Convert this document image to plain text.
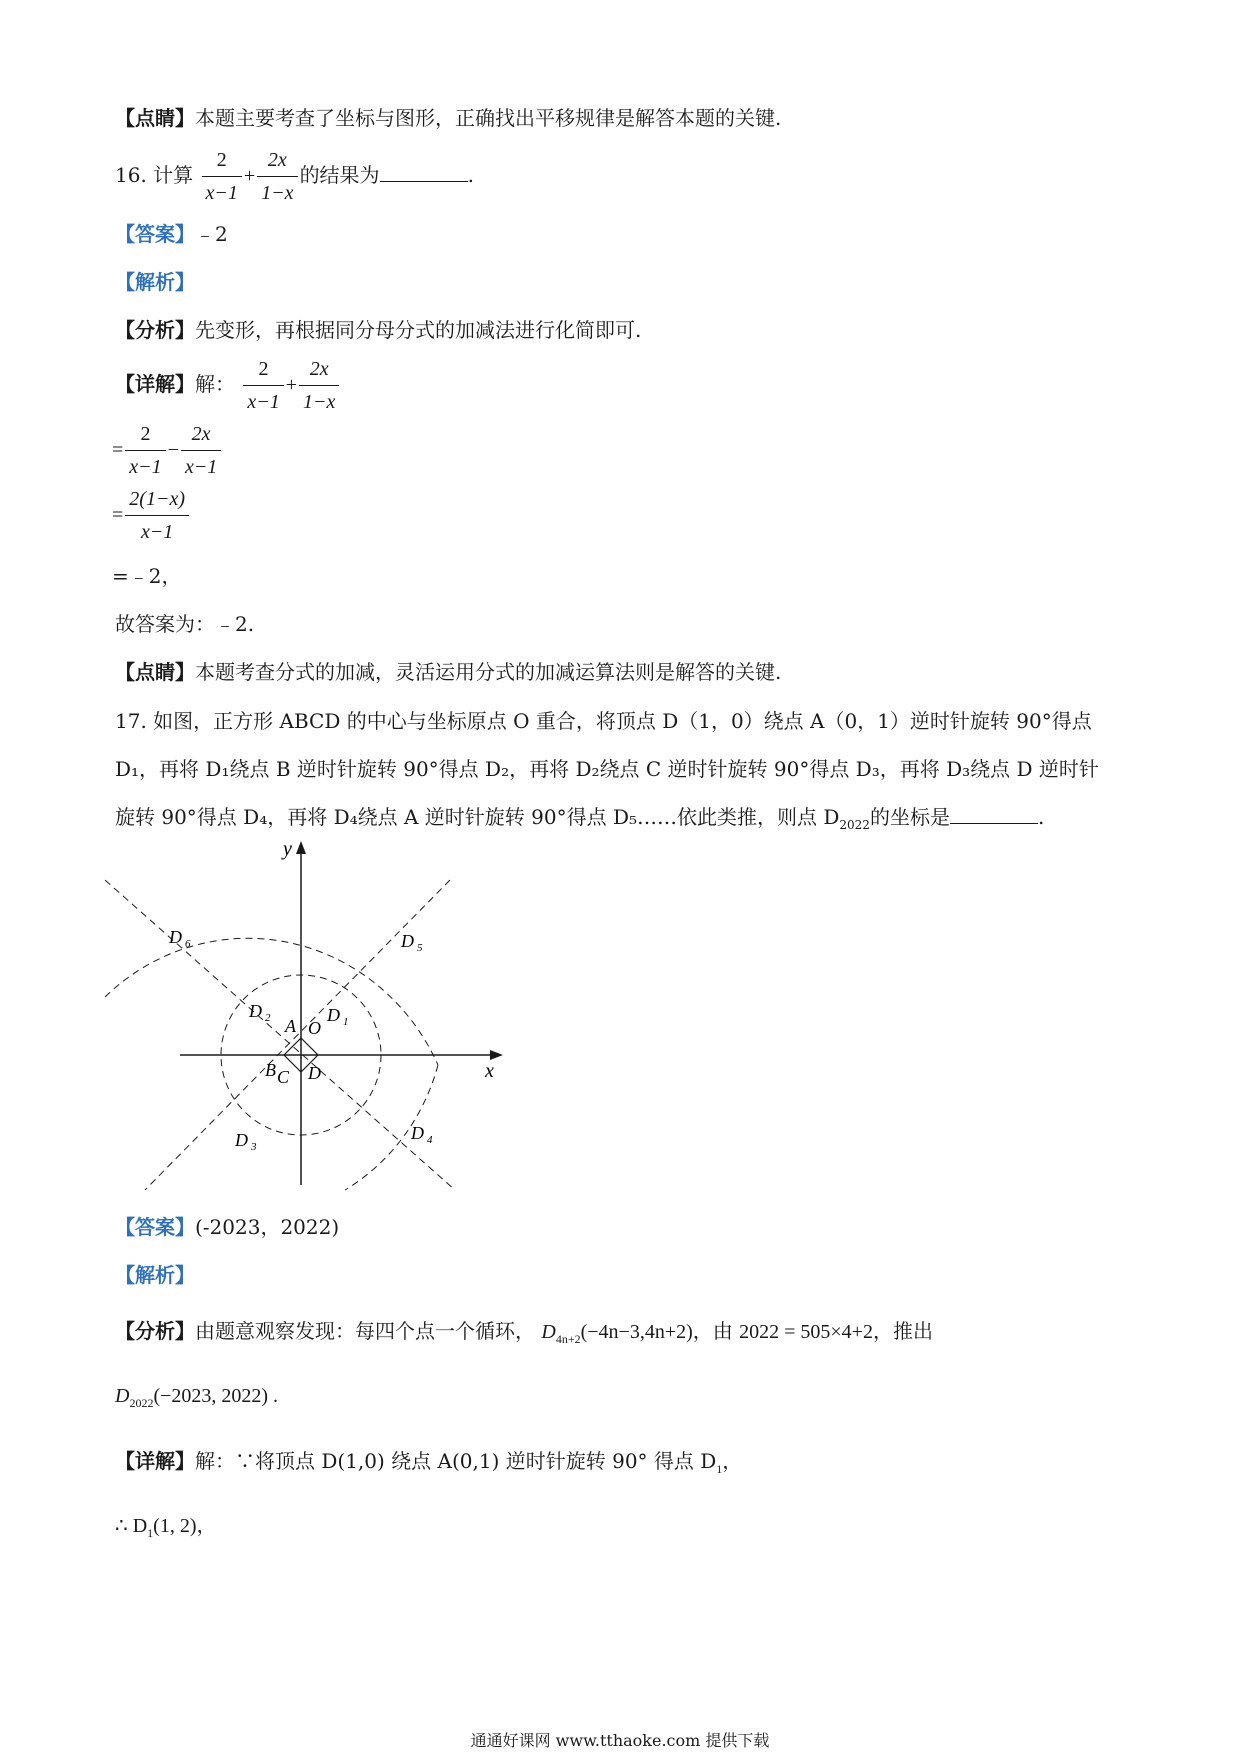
【点睛】本题主要考查了坐标与图形，正确找出平移规律是解答本题的关键.
16. 计算 $\frac{2}{x-1} + \frac{2x}{1-x}$ 的结果为	.
【答案】﹣2
【解析】
【分析】先变形，再根据同分母分式的加减法进行化简即可.
【详解】解： $\frac{2}{x-1} + \frac{2x}{1-x}$
= $\frac{2}{x-1} - \frac{2x}{x-1}$
= $\frac{2(1-x)}{x-1}$
=﹣2，
故答案为：﹣2.
【点睛】本题考查分式的加减，灵活运用分式的加减运算法则是解答的关键.
17. 如图，正方形 ABCD 的中心与坐标原点 O 重合，将顶点 D（1，0）绕点 A（0，1）逆时针旋转 90°得点
D₁，再将 D₁绕点 B 逆时针旋转 90°得点 D₂，再将 D₂绕点 C 逆时针旋转 90°得点 D₃，再将 D₃绕点 D 逆时针
旋转 90°得点 D₄，再将 D₄绕点 A 逆时针旋转 90°得点 D₅……依此类推，则点 $D_{2022}$的坐标是	.
y
x
O
A
B C D
D 1
D 2
D 3
D 4
D 5
D 6
【答案】(-2023，2022)
【解析】
【分析】由题意观察发现：每四个点一个循环， $D_{4n+2}(-4n-3,4n+2)$，由 2022 = 505×4+2，推出
$D_{2022}(-2023$, 2022) .
【详解】解：∵将顶点 D(1,0) 绕点 A(0,1) 逆时针旋转 90° 得点 $D_1$，
∴ $D_1(1$, 2)，
通通好课网 www.tthaoke.com 提供下载
